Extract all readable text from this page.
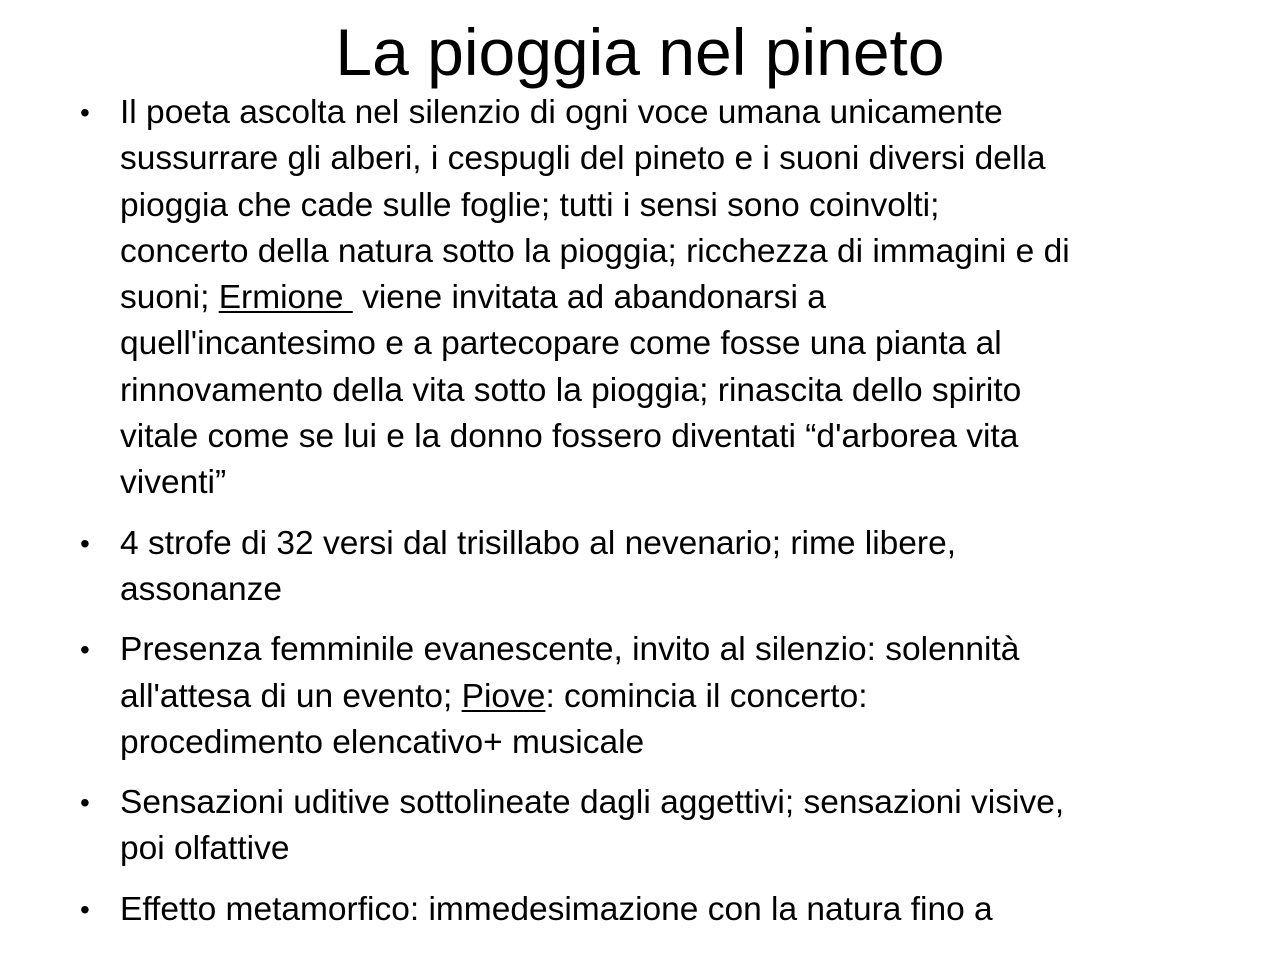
La pioggia nel pineto
• Il poeta ascolta nel silenzio di ogni voce umana unicamente
sussurrare gli alberi, i cespugli del pineto e i suoni diversi della
pioggia che cade sulle foglie; tutti i sensi sono coinvolti;
concerto della natura sotto la pioggia; ricchezza di immagini e di
suoni; Ermione  viene invitata ad abandonarsi a
quell'incantesimo e a partecopare come fosse una pianta al
rinnovamento della vita sotto la pioggia; rinascita dello spirito
vitale come se lui e la donno fossero diventati “d'arborea vita
viventi”
• 4 strofe di 32 versi dal trisillabo al nevenario; rime libere,
assonanze
• Presenza femminile evanescente, invito al silenzio: solennità
all'attesa di un evento; Piove: comincia il concerto:
procedimento elencativo+ musicale
• Sensazioni uditive sottolineate dagli aggettivi; sensazioni visive,
poi olfattive
• Effetto metamorfico: immedesimazione con la natura fino a
